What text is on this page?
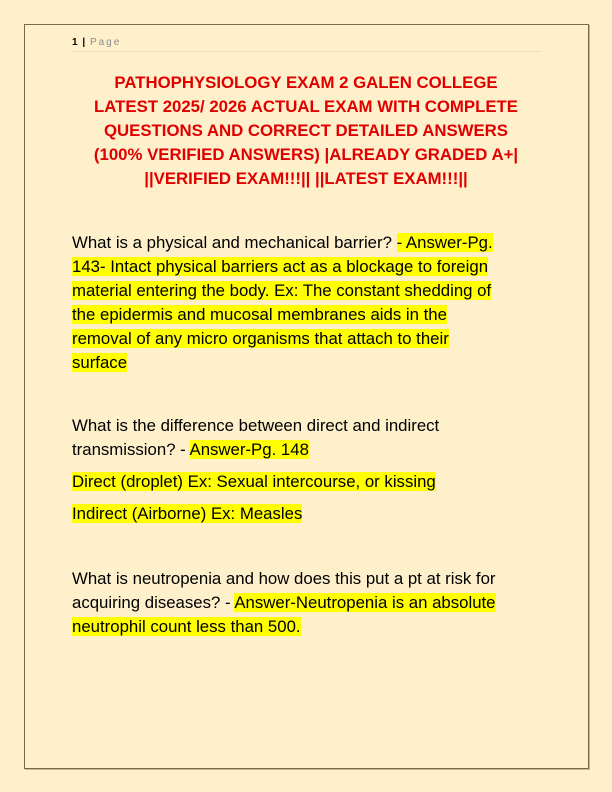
1 | Page
PATHOPHYSIOLOGY EXAM 2 GALEN COLLEGE
LATEST 2025/ 2026 ACTUAL EXAM WITH COMPLETE
QUESTIONS AND CORRECT DETAILED ANSWERS
(100% VERIFIED ANSWERS) |ALREADY GRADED A+|
||VERIFIED EXAM!!!|| ||LATEST EXAM!!!||
What is a physical and mechanical barrier? - Answer-Pg.
143- Intact physical barriers act as a blockage to foreign
material entering the body. Ex: The constant shedding of
the epidermis and mucosal membranes aids in the
removal of any micro organisms that attach to their
surface
What is the difference between direct and indirect
transmission? - Answer-Pg. 148
Direct (droplet) Ex: Sexual intercourse, or kissing
Indirect (Airborne) Ex: Measles
What is neutropenia and how does this put a pt at risk for
acquiring diseases? - Answer-Neutropenia is an absolute
neutrophil count less than 500.
